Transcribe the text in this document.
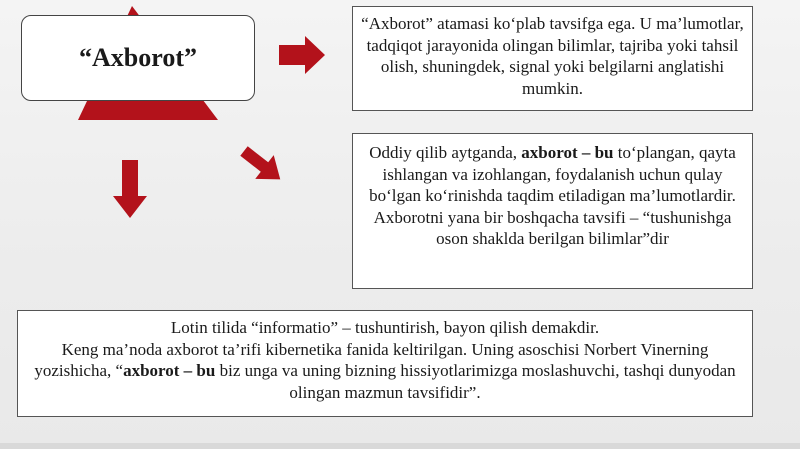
“Axborot”

“Axborot” atamasi ko‘plab tavsifga ega. U ma’lumotlar, tadqiqot jarayonida olingan bilimlar, tajriba yoki tahsil olish, shuningdek, signal yoki belgilarni anglatishi mumkin.

Oddiy qilib aytganda, axborot – bu to‘plangan, qayta ishlangan va izohlangan, foydalanish uchun qulay bo‘lgan ko‘rinishda taqdim etiladigan ma’lumotlardir. Axborotni yana bir boshqacha tavsifi – “tushunishga oson shaklda berilgan bilimlar”dir

Lotin tilida “informatio” – tushuntirish, bayon qilish demakdir.

Keng ma’noda axborot ta’rifi kibernetika fanida keltirilgan. Uning asoschisi Norbert Vinerning yozishicha, “axborot – bu biz unga va uning bizning hissiyotlarimizga moslashuvchi, tashqi dunyodan olingan mazmun tavsifidir”.
